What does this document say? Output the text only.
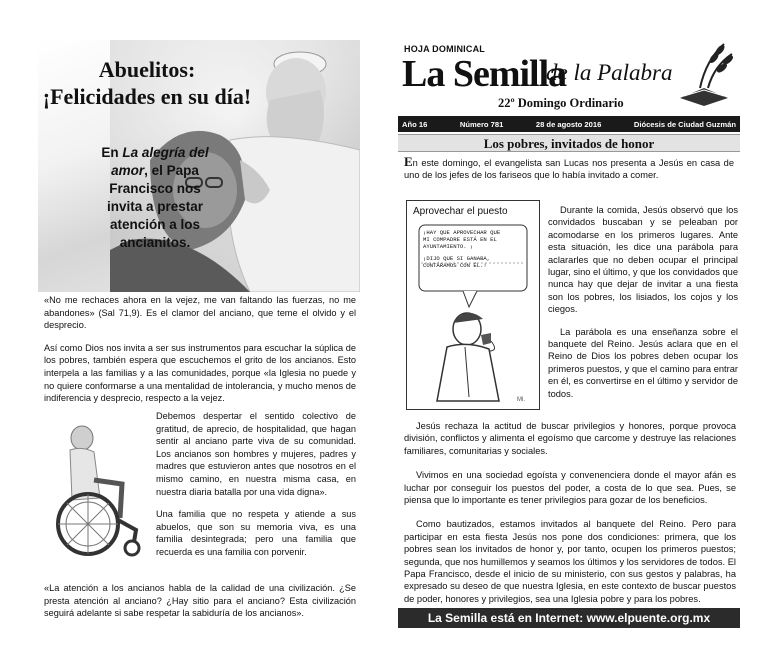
Abuelitos:
¡Felicidades en su día!
En La alegría del amor, el Papa Francisco nos invita a prestar atención a los ancianitos.

«No me rechaces ahora en la vejez, me van faltando las fuerzas, no me abandones» (Sal 71,9). Es el clamor del anciano, que teme el olvido y el desprecio.

Así como Dios nos invita a ser sus instrumentos para escuchar la súplica de los pobres, también espera que escuchemos el grito de los ancianos. Esto interpela a las familias y a las comunidades, porque «la Iglesia no puede y no quiere conformarse a una mentalidad de intolerancia, y mucho menos de indiferencia y desprecio, respecto a la vejez.

Debemos despertar el sentido colectivo de gratitud, de aprecio, de hospitalidad, que hagan sentir al anciano parte viva de su comunidad. Los ancianos son hombres y mujeres, padres y madres que estuvieron antes que nosotros en el mismo camino, en nuestra misma casa, en nuestra diaria batalla por una vida digna».

Una familia que no respeta y atiende a sus abuelos, que son su memoria viva, es una familia desintegrada; pero una familia que recuerda es una familia con porvenir.

«La atención a los ancianos habla de la calidad de una civilización. ¿Se presta atención al anciano? ¿Hay sitio para el anciano? Esta civilización seguirá adelante si sabe respetar la sabiduría de los ancianos».
HOJA DOMINICAL
La Semilla
de la Palabra
22º Domingo Ordinario
Año 16	Número 781	28 de agosto 2016	Diócesis de Ciudad Guzmán
Los pobres, invitados de honor
En este domingo, el evangelista san Lucas nos presenta a Jesús en casa de uno de los jefes de los fariseos que lo había invitado a comer.
Ml.
Aprovechar el puesto
¡HAY QUE APROVECHAR QUE
MI COMPADRE ESTÁ EN EL
AYUNTAMIENTO. ¡
¡DIJO QUE SI GANABA,
CONTÁRAMOS CON ÉL.!

Durante la comida, Jesús observó que los convidados buscaban y se peleaban por acomodarse en los primeros lugares. Ante esta situación, les dice una parábola para aclararles que no deben ocupar el principal lugar, sino el último, y que los convidados que nunca hay que dejar de invitar a una fiesta son los pobres, los lisiados, los cojos y los ciegos.

La parábola es una enseñanza sobre el banquete del Reino. Jesús aclara que en el Reino de Dios los pobres deben ocupar los primeros puestos, y que el camino para entrar en él, es convertirse en el último y servidor de todos.

Jesús rechaza la actitud de buscar privilegios y honores, porque provoca división, conflictos y alimenta el egoísmo que carcome y destruye las relaciones familiares, comunitarias y sociales.

Vivimos en una sociedad egoísta y convenenciera donde el mayor afán es luchar por conseguir los puestos del poder, a costa de lo que sea. Pues, se piensa que lo importante es tener privilegios para gozar de los beneficios.

Como bautizados, estamos invitados al banquete del Reino. Pero para participar en esta fiesta Jesús nos pone dos condiciones: primera, que los pobres sean los invitados de honor y, por tanto, ocupen los primeros puestos; segunda, que nos humillemos y seamos los últimos y los servidores de todos. El Papa Francisco, desde el inicio de su ministerio, con sus gestos y palabras, ha expresado su deseo de que nuestra Iglesia, en este contexto de buscar puestos de poder, honores y privilegios, sea una Iglesia pobre y para los pobres.

La Semilla está en Internet: www.elpuente.org.mx
